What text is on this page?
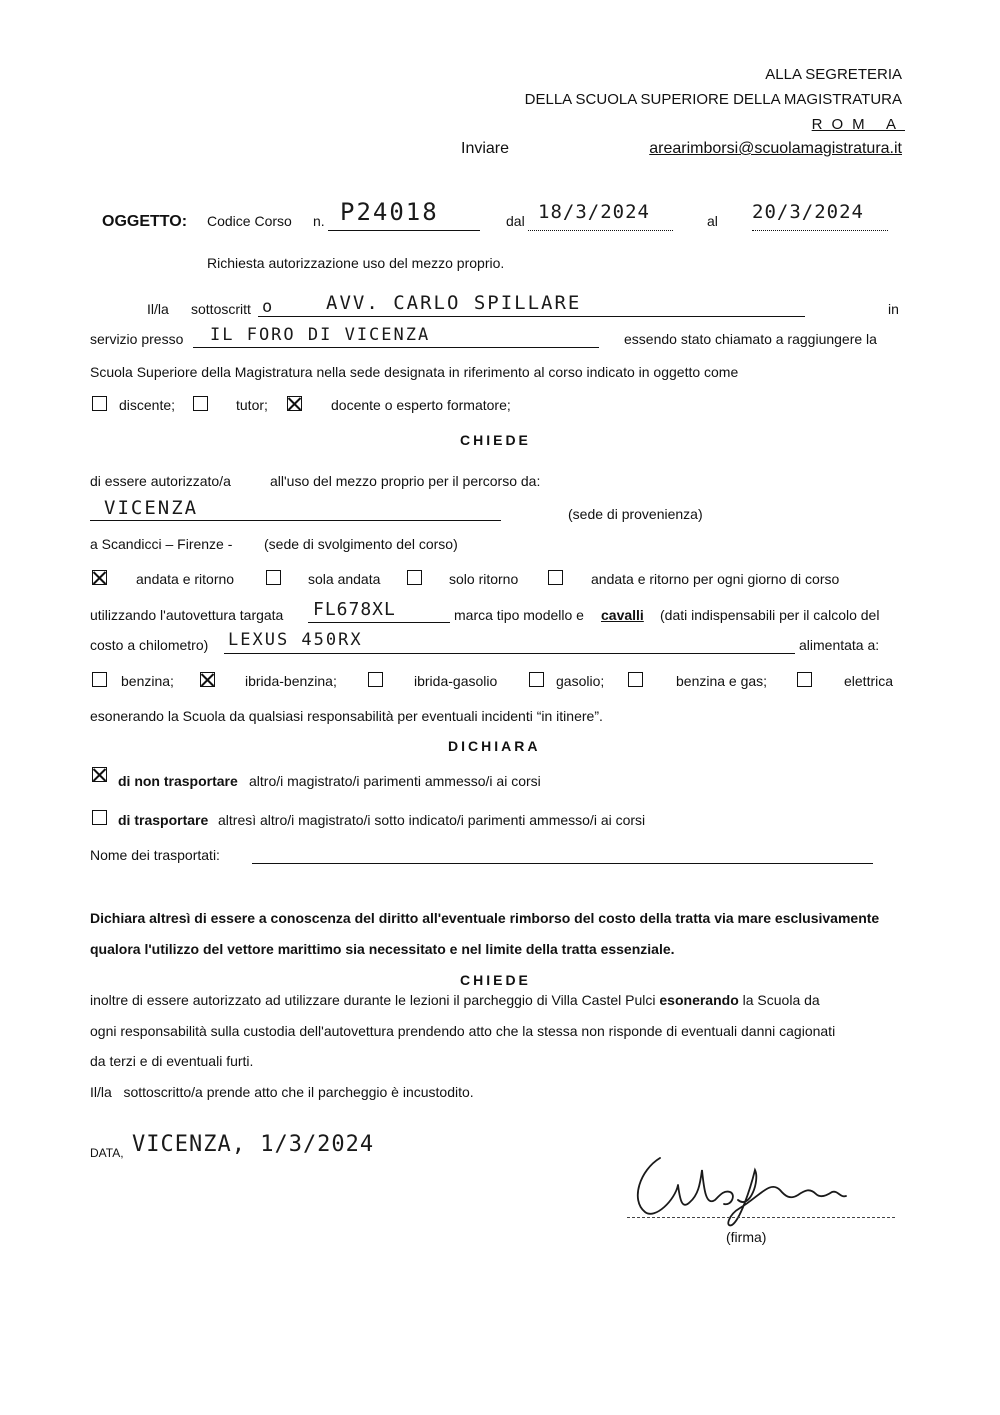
ALLA SEGRETERIA
DELLA SCUOLA SUPERIORE DELLA MAGISTRATURA
ROM A
Inviare	arearimborsi@scuolamagistratura.it
OGGETTO: Codice Corso n. P24018	dal 18/3/2024	al 20/3/2024
Richiesta autorizzazione uso del mezzo proprio.
Il/la sottoscritt o	AVV. CARLO SPILLARE	in
servizio presso IL FORO DI VICENZA	essendo stato chiamato a raggiungere la
Scuola Superiore della Magistratura nella sede designata in riferimento al corso indicato in oggetto come
discente;	tutor;	docente o esperto formatore;
CHIEDE
di essere autorizzato/a	all'uso del mezzo proprio per il percorso da:
VICENZA	(sede di provenienza)
a Scandicci – Firenze - (sede di svolgimento del corso)
andata e ritorno	sola andata	solo ritorno	andata e ritorno per ogni giorno di corso
utilizzando l'autovettura targata FL678XL	marca tipo modello e cavalli (dati indispensabili per il calcolo del
costo a chilometro) LEXUS 450RX	alimentata a:
benzina;	ibrida-benzina;	ibrida-gasolio	gasolio;	benzina e gas;	elettrica
esonerando la Scuola da qualsiasi responsabilità per eventuali incidenti “in itinere”.
DICHIARA
di non trasportare altro/i magistrato/i parimenti ammesso/i ai corsi
di trasportare altresì altro/i magistrato/i sotto indicato/i parimenti ammesso/i ai corsi
Nome dei trasportati:
Dichiara altresì di essere a conoscenza del diritto all'eventuale rimborso del costo della tratta via mare esclusivamente
qualora l'utilizzo del vettore marittimo sia necessitato e nel limite della tratta essenziale.
CHIEDE
inoltre di essere autorizzato ad utilizzare durante le lezioni il parcheggio di Villa Castel Pulci esonerando la Scuola da
ogni responsabilità sulla custodia dell'autovettura prendendo atto che la stessa non risponde di eventuali danni cagionati
da terzi e di eventuali furti.
Il/la   sottoscritto/a prende atto che il parcheggio è incustodito.
DATA, VICENZA, 1/3/2024
(firma)
